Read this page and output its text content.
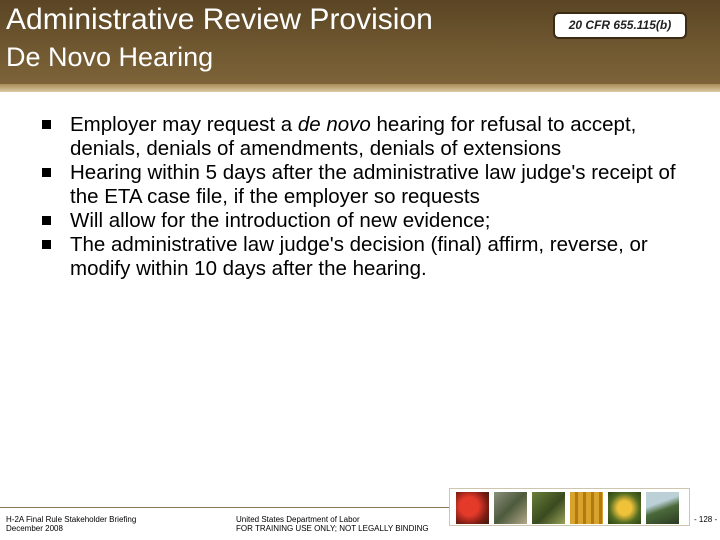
Administrative Review Provision
De Novo Hearing
20 CFR 655.115(b)
Employer may request a de novo hearing for refusal to accept, denials, denials of amendments, denials of extensions
Hearing within 5 days after the administrative law judge's receipt of the ETA case file, if the employer so requests
Will allow for the introduction of new evidence;
The administrative law judge's decision (final) affirm, reverse, or modify within 10 days after the hearing.
H-2A Final Rule Stakeholder Briefing
December 2008
United States Department of Labor
FOR TRAINING USE ONLY; NOT LEGALLY BINDING
- 128 -
